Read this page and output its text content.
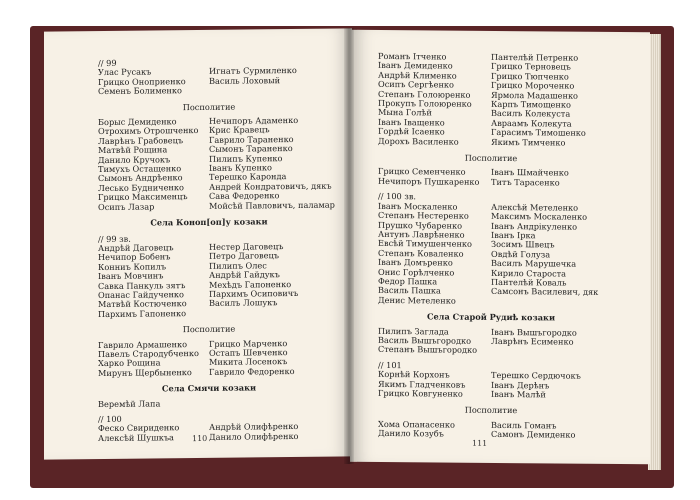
// 99
Улас Русакъ
Грицко Оноприенко
Семенъ Болименко
Игнатъ Сурмиленко
Василь Лоховый
Посполитие
Борыс Демиденко
Отрохимъ Отрошченко
Лаврѣнъ Грабовецъ
Матвѣй Рощина
Данило Кручокъ
Тимухъ Остащенко
Сымонъ Андрѣенко
Лесько Будниченко
Грицко Максименцъ
Осипъ Лазар
Нечипоръ Адаменко
Крис Кравецъ
Гаврило Тараненко
Сымонъ Тараненко
Пилипъ Купенко
Іванъ Купенко
Терешко Каронда
Андрей Кондратовичъ, дякъ
Сава Федоренко
Мойсѣй Павловичъ, паламар
Села Коноп[оп]у козаки
// 99 зв.
Андрѣй Даговецъ
Нечипор Бобенъ
Конниъ Копилъ
Іванъ Мовчинъ
Савка Панкуль зятъ
Опанас Гайдученко
Матвѣй Костюченко
Пархимъ Гапоненко
Нестер Даговецъ
Петро Даговецъ
Пилипъ Олес
Андрѣй Гайдукъ
Мехѣдъ Гапоненко
Пархимъ Осиповичъ
Василъ Лошукъ
Посполитие
Гаврило Армашенко
Павелъ Стародубченко
Харко Рощина
Мирунъ Щербыненко
Грицко Марченко
Остапъ Шевченко
Микита Лосенокъ
Гаврило Федоренко
Села Смячи козаки
Веремѣй Лапа
// 100
Феско Свириденко
Алексѣй Шушкъа
Андрѣй Олифѣренко
Данило Олифѣренко
110
Романъ Ітченко
Іванъ Демиденко
Андрѣй Клименко
Осипъ Сергѣенко
Степанъ Голоюренко
Прокупъ Голоюренко
Мына Голѣй
Іванъ Іващенко
Гордѣй Ісаенко
Дорохъ Василенко
Пантелѣй Петренко
Грицко Терновецъ
Грицко Тюпченко
Грицко Мороченко
Ярмола Мадашенко
Карпъ Тимощенко
Василъ Колекуста
Авраамъ Колекута
Гарасимъ Тимошенко
Якимъ Тимченко
Посполитие
Грицко Семенченко
Нечипоръ Пушкаренко
Іванъ Шмайченко
Титъ Тарасенко
// 100 зв.
Іванъ Москаленко
Степанъ Нестеренко
Прушко Чубаренко
Антунъ Лаврѣненко
Евсѣй Тимушенченко
Степанъ Коваленко
Іванъ Домъренко
Онис Горѣлченко
Федор Пашка
Василь Пашка
Денис Метеленко
Алексѣй Метеленко
Максимъ Москаленко
Іванъ Андрікуленко
Іванъ Ірка
Зосимъ Швецъ
Овдѣй Голуза
Василъ Марушечка
Кирило Староста
Пантелѣй Коваль
Самсонъ Василевич, дяк
Села Старой Рудиѣ козаки
Пилипъ Заглада
Василь Вышъгородко
Степанъ Вышъгородко
Іванъ Вышъгородко
Лаврѣнъ Есименко
// 101
Корнѣй Корхонъ
Якимъ Гладченковъ
Грицко Ковгуненко
Терешко Сердючокъ
Іванъ Дерѣнъ
Іванъ Малѣй
Посполитие
Хома Опанасенко
Данило Козубъ
Василь Гоманъ
Самонъ Демиденко
111
